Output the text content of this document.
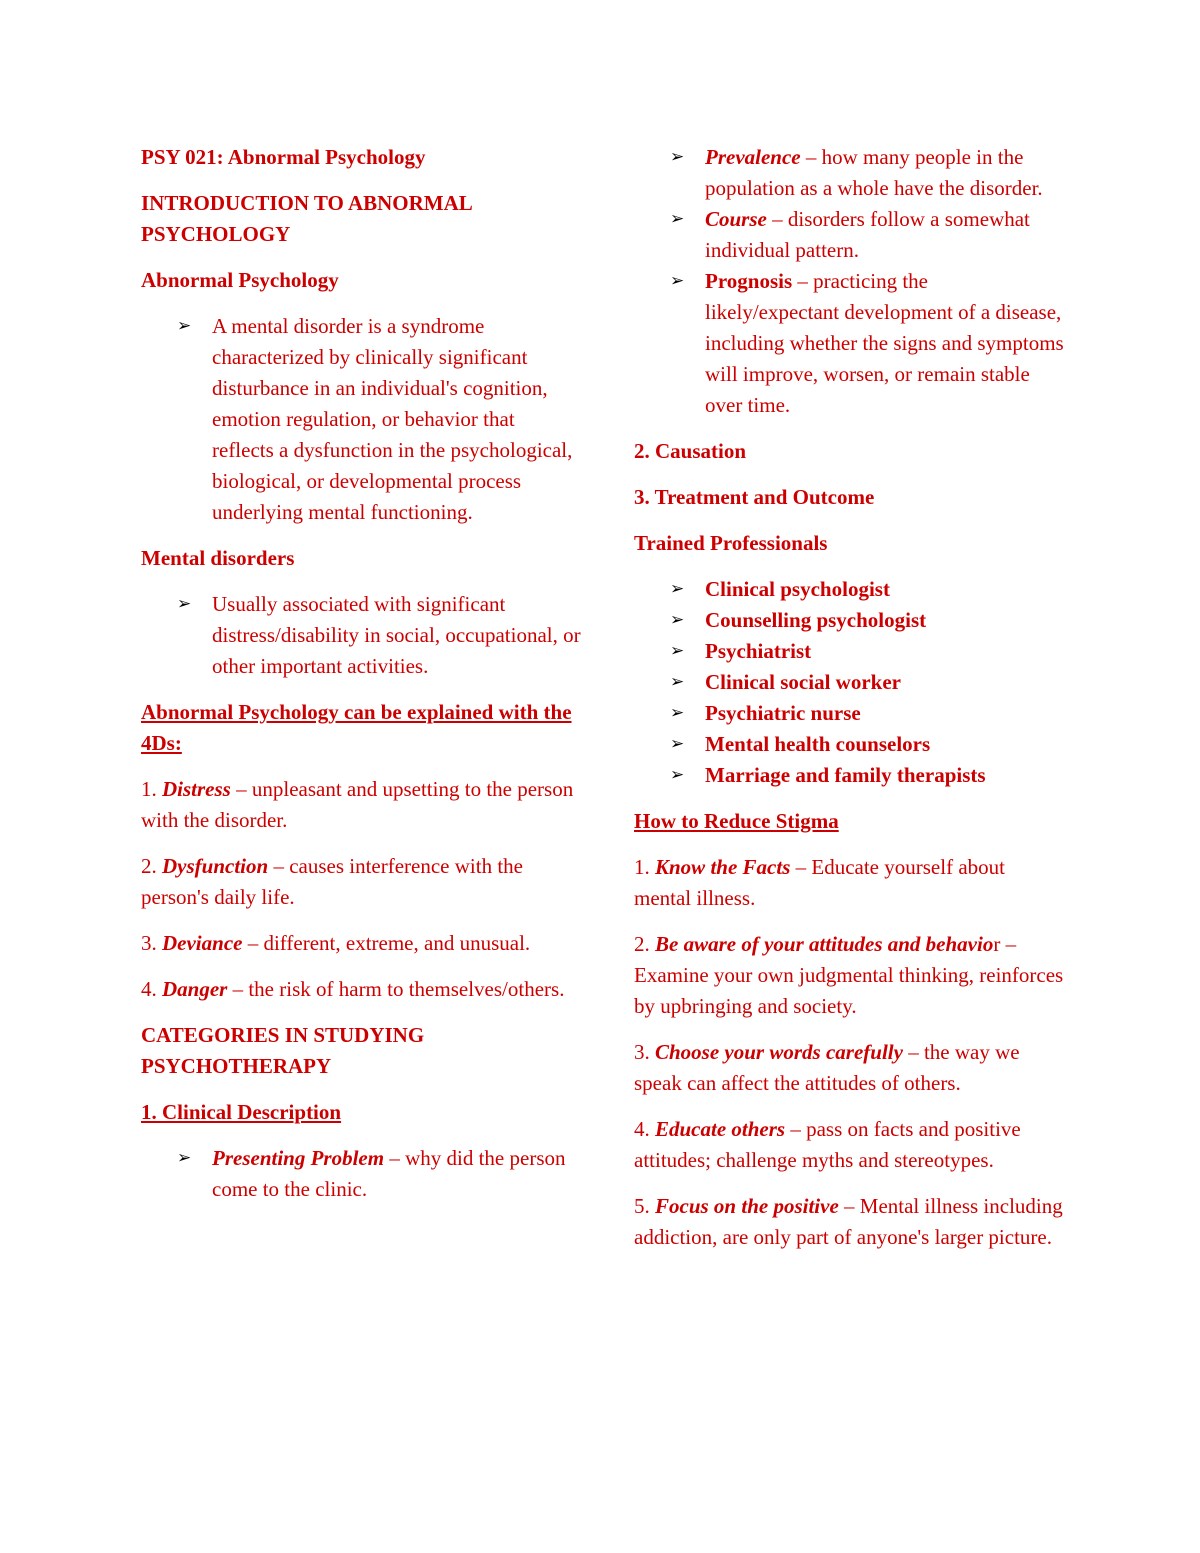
PSY 021: Abnormal Psychology

INTRODUCTION TO ABNORMAL PSYCHOLOGY

Abnormal Psychology

➢ A mental disorder is a syndrome characterized by clinically significant disturbance in an individual's cognition, emotion regulation, or behavior that reflects a dysfunction in the psychological, biological, or developmental process underlying mental functioning.

Mental disorders

➢ Usually associated with significant distress/disability in social, occupational, or other important activities.

Abnormal Psychology can be explained with the 4Ds:

1. Distress – unpleasant and upsetting to the person with the disorder.

2. Dysfunction – causes interference with the person's daily life.

3. Deviance – different, extreme, and unusual.

4. Danger – the risk of harm to themselves/others.

CATEGORIES IN STUDYING PSYCHOTHERAPY

1. Clinical Description

➢ Presenting Problem – why did the person come to the clinic.
➢ Prevalence – how many people in the population as a whole have the disorder.
➢ Course – disorders follow a somewhat individual pattern.
➢ Prognosis – practicing the likely/expectant development of a disease, including whether the signs and symptoms will improve, worsen, or remain stable over time.

2. Causation

3. Treatment and Outcome

Trained Professionals

➢ Clinical psychologist
➢ Counselling psychologist
➢ Psychiatrist
➢ Clinical social worker
➢ Psychiatric nurse
➢ Mental health counselors
➢ Marriage and family therapists

How to Reduce Stigma

1. Know the Facts – Educate yourself about mental illness.

2. Be aware of your attitudes and behavior – Examine your own judgmental thinking, reinforces by upbringing and society.

3. Choose your words carefully – the way we speak can affect the attitudes of others.

4. Educate others – pass on facts and positive attitudes; challenge myths and stereotypes.

5. Focus on the positive – Mental illness including addiction, are only part of anyone's larger picture.
